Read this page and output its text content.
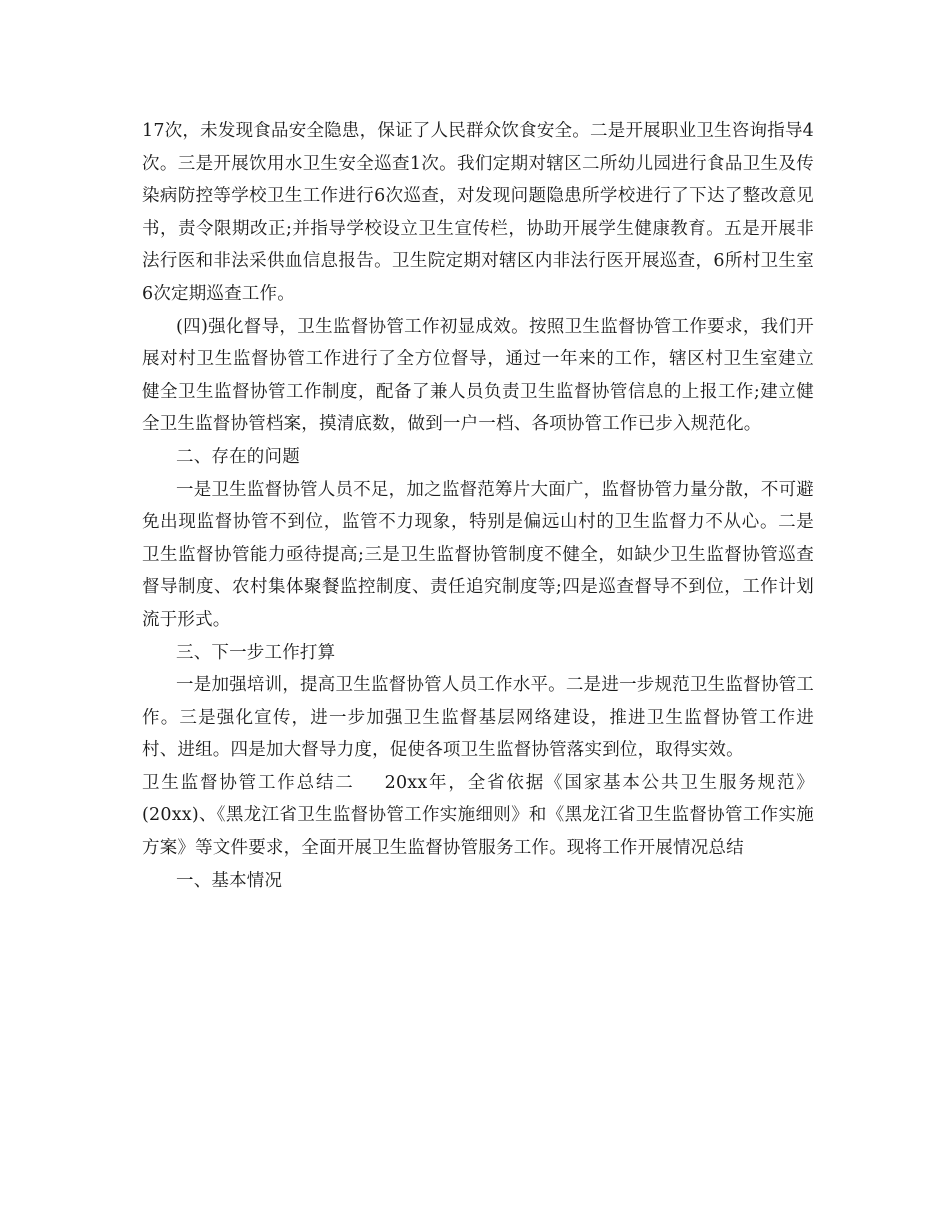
17次，未发现食品安全隐患，保证了人民群众饮食安全。二是开展职业卫生咨询指导4次。三是开展饮用水卫生安全巡查1次。我们定期对辖区二所幼儿园进行食品卫生及传染病防控等学校卫生工作进行6次巡查，对发现问题隐患所学校进行了下达了整改意见书，责令限期改正;并指导学校设立卫生宣传栏，协助开展学生健康教育。五是开展非法行医和非法采供血信息报告。卫生院定期对辖区内非法行医开展巡查，6所村卫生室6次定期巡查工作。

(四)强化督导，卫生监督协管工作初显成效。按照卫生监督协管工作要求，我们开展对村卫生监督协管工作进行了全方位督导，通过一年来的工作，辖区村卫生室建立健全卫生监督协管工作制度，配备了兼人员负责卫生监督协管信息的上报工作;建立健全卫生监督协管档案，摸清底数，做到一户一档、各项协管工作已步入规范化。

二、存在的问题

一是卫生监督协管人员不足，加之监督范筹片大面广，监督协管力量分散，不可避免出现监督协管不到位，监管不力现象，特别是偏远山村的卫生监督力不从心。二是卫生监督协管能力亟待提高;三是卫生监督协管制度不健全，如缺少卫生监督协管巡查督导制度、农村集体聚餐监控制度、责任追究制度等;四是巡查督导不到位，工作计划流于形式。

三、下一步工作打算

一是加强培训，提高卫生监督协管人员工作水平。二是进一步规范卫生监督协管工作。三是强化宣传，进一步加强卫生监督基层网络建设，推进卫生监督协管工作进村、进组。四是加大督导力度，促使各项卫生监督协管落实到位，取得实效。

卫生监督协管工作总结二 20xx年，全省依据《国家基本公共卫生服务规范》(20xx)、《黑龙江省卫生监督协管工作实施细则》和《黑龙江省卫生监督协管工作实施方案》等文件要求，全面开展卫生监督协管服务工作。现将工作开展情况总结

一、基本情况
